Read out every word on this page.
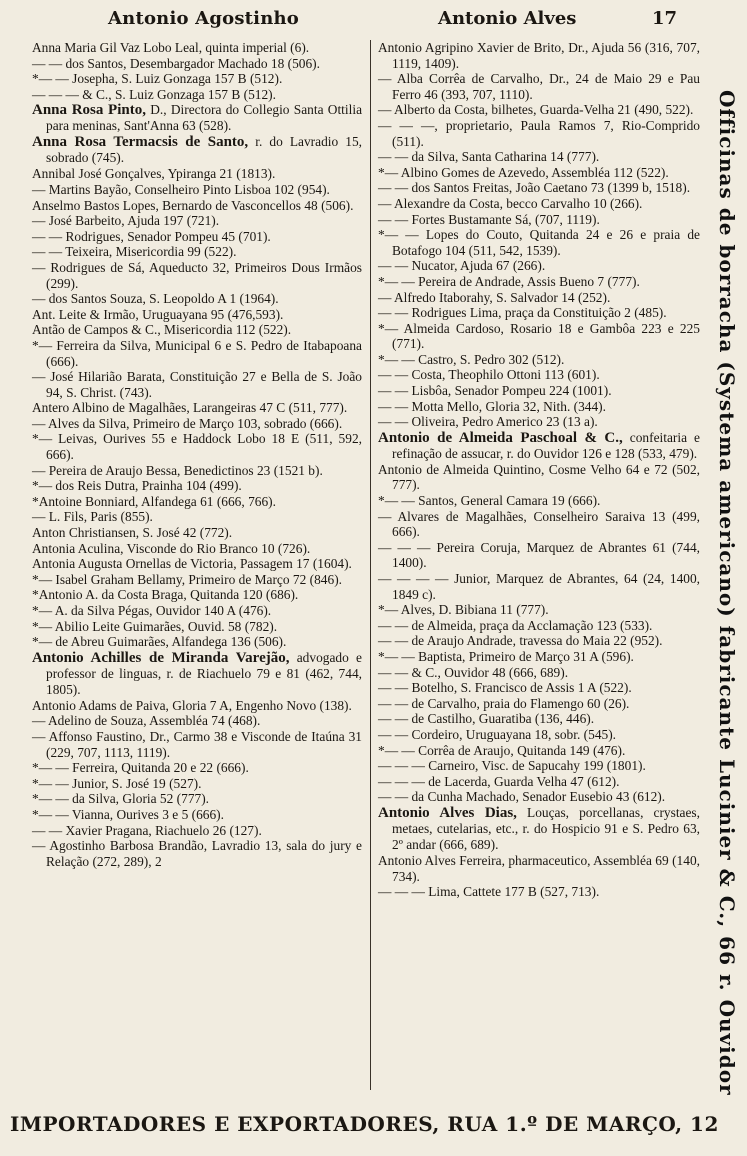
Antonio Agostinho	Antonio Alves	17
Anna Maria Gil Vaz Lobo Leal, quinta imperial (6).
— — dos Santos, Desembargador Machado 18 (506).
*— — Josepha, S. Luiz Gonzaga 157 B (512).
— — — & C., S. Luiz Gonzaga 157 B (512).
Anna Rosa Pinto, D., Directora do Collegio Santa Ottilia para meninas, Sant'Anna 63 (528).
Anna Rosa Termacsis de Santo, r. do Lavradio 15, sobrado (745).
Annibal José Gonçalves, Ypiranga 21 (1813).
— Martins Bayão, Conselheiro Pinto Lisboa 102 (954).
Anselmo Bastos Lopes, Bernardo de Vasconcellos 48 (506).
— José Barbeito, Ajuda 197 (721).
— — Rodrigues, Senador Pompeu 45 (701).
— — Teixeira, Misericordia 99 (522).
— Rodrigues de Sá, Aqueducto 32, Primeiros Dous Irmãos (299).
— dos Santos Souza, S. Leopoldo A 1 (1964).
Ant. Leite & Irmão, Uruguayana 95 (476,593).
Antão de Campos & C., Misericordia 112 (522).
*— Ferreira da Silva, Municipal 6 e S. Pedro de Itabapoana (666).
— José Hilarião Barata, Constituição 27 e Bella de S. João 94, S. Christ. (743).
Antero Albino de Magalhães, Larangeiras 47 C (511, 777).
— Alves da Silva, Primeiro de Março 103, sobrado (666).
*— Leivas, Ourives 55 e Haddock Lobo 18 E (511, 592, 666).
— Pereira de Araujo Bessa, Benedictinos 23 (1521 b).
*— dos Reis Dutra, Prainha 104 (499).
*Antoine Bonniard, Alfandega 61 (666, 766).
— L. Fils, Paris (855).
Anton Christiansen, S. José 42 (772).
Antonia Aculina, Visconde do Rio Branco 10 (726).
Antonia Augusta Ornellas de Victoria, Passagem 17 (1604).
*— Isabel Graham Bellamy, Primeiro de Março 72 (846).
*Antonio A. da Costa Braga, Quitanda 120 (686).
*— A. da Silva Pégas, Ouvidor 140 A (476).
*— Abilio Leite Guimarães, Ouvid. 58 (782).
*— de Abreu Guimarães, Alfandega 136 (506).
Antonio Achilles de Miranda Varejão, advogado e professor de linguas, r. de Riachuelo 79 e 81 (462, 744, 1805).
Antonio Adams de Paiva, Gloria 7 A, Engenho Novo (138).
— Adelino de Souza, Assembléa 74 (468).
— Affonso Faustino, Dr., Carmo 38 e Visconde de Itaúna 31 (229, 707, 1113, 1119).
*— — Ferreira, Quitanda 20 e 22 (666).
*— — Junior, S. José 19 (527).
*— — da Silva, Gloria 52 (777).
*— — Vianna, Ourives 3 e 5 (666).
— — Xavier Pragana, Riachuelo 26 (127).
— Agostinho Barbosa Brandão, Lavradio 13, sala do jury e Relação (272, 289), 2
Antonio Agripino Xavier de Brito, Dr., Ajuda 56 (316, 707, 1119, 1409).
— Alba Corrêa de Carvalho, Dr., 24 de Maio 29 e Pau Ferro 46 (393, 707, 1110).
— Alberto da Costa, bilhetes, Guarda-Velha 21 (490, 522).
— — —, proprietario, Paula Ramos 7, Rio-Comprido (511).
— — da Silva, Santa Catharina 14 (777).
*— Albino Gomes de Azevedo, Assembléa 112 (522).
— — dos Santos Freitas, João Caetano 73 (1399 b, 1518).
— Alexandre da Costa, becco Carvalho 10 (266).
— — Fortes Bustamante Sá, (707, 1119).
*— — Lopes do Couto, Quitanda 24 e 26 e praia de Botafogo 104 (511, 542, 1539).
— — Nucator, Ajuda 67 (266).
*— — Pereira de Andrade, Assis Bueno 7 (777).
— Alfredo Itaborahy, S. Salvador 14 (252).
— — Rodrigues Lima, praça da Constituição 2 (485).
*— Almeida Cardoso, Rosario 18 e Gambôa 223 e 225 (771).
*— — Castro, S. Pedro 302 (512).
— — Costa, Theophilo Ottoni 113 (601).
— — Lisbôa, Senador Pompeu 224 (1001).
— — Motta Mello, Gloria 32, Nith. (344).
— — Oliveira, Pedro Americo 23 (13 a).
Antonio de Almeida Paschoal & C., confeitaria e refinação de assucar, r. do Ouvidor 126 e 128 (533, 479).
Antonio de Almeida Quintino, Cosme Velho 64 e 72 (502, 777).
*— — Santos, General Camara 19 (666).
— Alvares de Magalhães, Conselheiro Saraiva 13 (499, 666).
— — — Pereira Coruja, Marquez de Abrantes 61 (744, 1400).
— — — — Junior, Marquez de Abrantes, 64 (24, 1400, 1849 c).
*— Alves, D. Bibiana 11 (777).
— — de Almeida, praça da Acclamação 123 (533).
— — de Araujo Andrade, travessa do Maia 22 (952).
*— — Baptista, Primeiro de Março 31 A (596).
— — & C., Ouvidor 48 (666, 689).
— — Botelho, S. Francisco de Assis 1 A (522).
— — de Carvalho, praia do Flamengo 60 (26).
— — de Castilho, Guaratiba (136, 446).
— — Cordeiro, Uruguayana 18, sobr. (545).
*— — Corrêa de Araujo, Quitanda 149 (476).
— — — Carneiro, Visc. de Sapucahy 199 (1801).
— — — de Lacerda, Guarda Velha 47 (612).
— — da Cunha Machado, Senador Eusebio 43 (612).
Antonio Alves Dias, Louças, porcellanas, crystaes, metaes, cutelarias, etc., r. do Hospicio 91 e S. Pedro 63, 2º andar (666, 689).
Antonio Alves Ferreira, pharmaceutico, Assembléa 69 (140, 734).
— — — Lima, Cattete 177 B (527, 713).	Officinas de borracha (Systema americano) fabricante Lucinier & C., 66 r. Ouvidor
IMPORTADORES E EXPORTADORES, RUA 1.º DE MARÇO, 12
